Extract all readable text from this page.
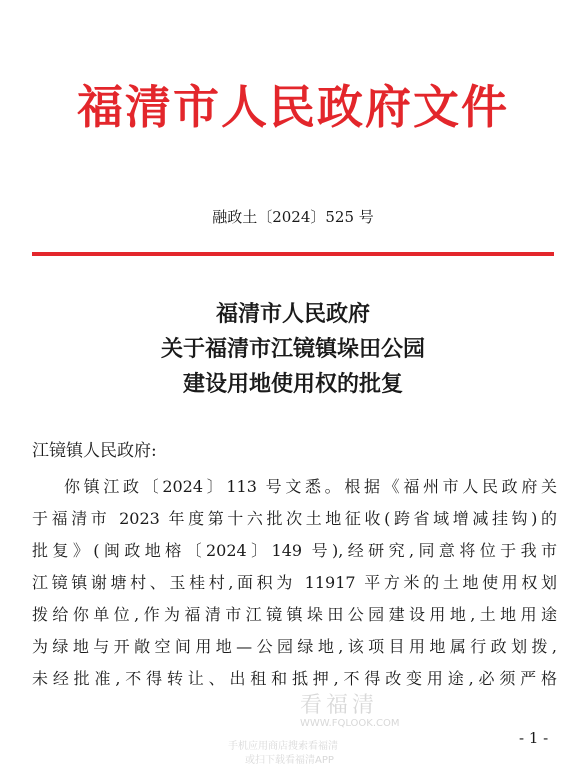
福清市人民政府文件
融政土〔2024〕525 号
福清市人民政府
关于福清市江镜镇垛田公园
建设用地使用权的批复
江镜镇人民政府:
你镇江政〔2024〕113 号文悉。根据《福州市人民政府关
于福清市 2023 年度第十六批次土地征收(跨省域增减挂钩)的
批复》(闽政地榕〔2024〕149 号),经研究,同意将位于我市
江镜镇谢塘村、玉桂村,面积为 11917 平方米的土地使用权划
拨给你单位,作为福清市江镜镇垛田公园建设用地,土地用途
为绿地与开敞空间用地—公园绿地,该项目用地属行政划拨,
未经批准,不得转让、出租和抵押,不得改变用途,必须严格
看福清
WWW.FQLOOK.COM
手机应用商店搜索看福清
或扫下载看福清APP
- 1 -
